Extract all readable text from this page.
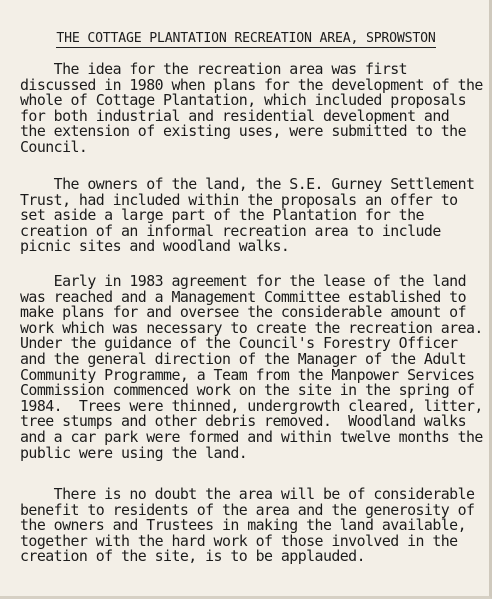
THE COTTAGE PLANTATION RECREATION AREA, SPROWSTON
The idea for the recreation area was first
discussed in 1980 when plans for the development of the
whole of Cottage Plantation, which included proposals
for both industrial and residential development and
the extension of existing uses, were submitted to the
Council.
The owners of the land, the S.E. Gurney Settlement
Trust, had included within the proposals an offer to
set aside a large part of the Plantation for the
creation of an informal recreation area to include
picnic sites and woodland walks.
Early in 1983 agreement for the lease of the land
was reached and a Management Committee established to
make plans for and oversee the considerable amount of
work which was necessary to create the recreation area.
Under the guidance of the Council's Forestry Officer
and the general direction of the Manager of the Adult
Community Programme, a Team from the Manpower Services
Commission commenced work on the site in the spring of
1984.  Trees were thinned, undergrowth cleared, litter,
tree stumps and other debris removed.  Woodland walks
and a car park were formed and within twelve months the
public were using the land.
There is no doubt the area will be of considerable
benefit to residents of the area and the generosity of
the owners and Trustees in making the land available,
together with the hard work of those involved in the
creation of the site, is to be applauded.
